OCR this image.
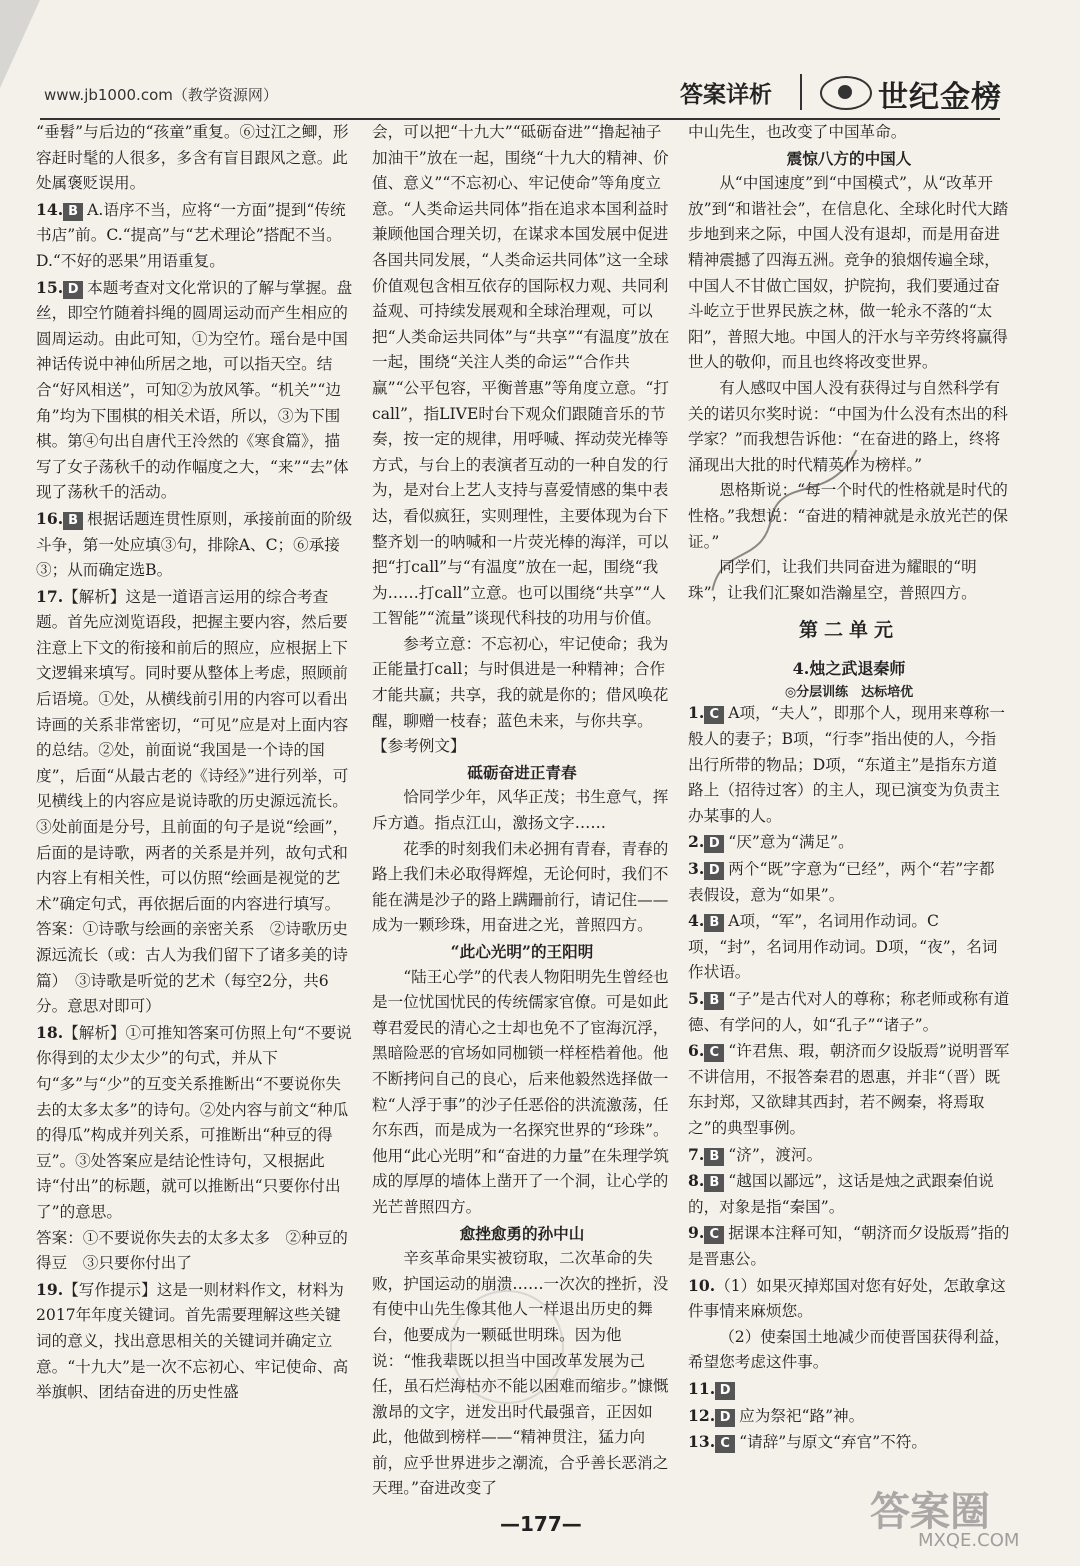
www.jb1000.com（教学资源网）	答案详析	世纪金榜

“垂髫”与后边的“孩童”重复。⑥过江之鲫，形容赶时髦的人很多，多含有盲目跟风之意。此处属褒贬误用。

14. B A.语序不当，应将“一方面”提到“传统书店”前。C.“提高”与“艺术理论”搭配不当。D.“不好的恶果”用语重复。

15. D 本题考查对文化常识的了解与掌握。盘丝，即空竹随着抖绳的圆周运动而产生相应的圆周运动。由此可知，①为空竹。瑶台是中国神话传说中神仙所居之地，可以指天空。结合“好风相送”，可知②为放风筝。“机关”“边角”均为下围棋的相关术语，所以，③为下围棋。第④句出自唐代王泠然的《寒食篇》，描写了女子荡秋千的动作幅度之大，“来”“去”体现了荡秋千的活动。

16. B 根据话题连贯性原则，承接前面的阶级斗争，第一处应填③句，排除A、C；⑥承接③；从而确定选B。

17.【解析】这是一道语言运用的综合考查题。首先应浏览语段，把握主要内容，然后要注意上下文的衔接和前后的照应，应根据上下文逻辑来填写。同时要从整体上考虑，照顾前后语境。①处，从横线前引用的内容可以看出诗画的关系非常密切，“可见”应是对上面内容的总结。②处，前面说“我国是一个诗的国度”，后面“从最古老的《诗经》”进行列举，可见横线上的内容应是说诗歌的历史源远流长。③处前面是分号，且前面的句子是说“绘画”，后面的是诗歌，两者的关系是并列，故句式和内容上有相关性，可以仿照“绘画是视觉的艺术”确定句式，再依据后面的内容进行填写。

答案：①诗歌与绘画的亲密关系　②诗歌历史源远流长（或：古人为我们留下了诸多美的诗篇）　③诗歌是听觉的艺术（每空2分，共6分。意思对即可）

18.【解析】①可推知答案可仿照上句“不要说你得到的太少太少”的句式，并从下句“多”与“少”的互变关系推断出“不要说你失去的太多太多”的诗句。②处内容与前文“种瓜的得瓜”构成并列关系，可推断出“种豆的得豆”。③处答案应是结论性诗句，又根据此诗“付出”的标题，就可以推断出“只要你付出了”的意思。

答案：①不要说你失去的太多太多　②种豆的得豆　③只要你付出了

19.【写作提示】这是一则材料作文，材料为2017年年度关键词。首先需要理解这些关键词的意义，找出意思相关的关键词并确定立意。“十九大”是一次不忘初心、牢记使命、高举旗帜、团结奋进的历史性盛

会，可以把“十九大”“砥砺奋进”“撸起袖子加油干”放在一起，围绕“十九大的精神、价值、意义”“不忘初心、牢记使命”等角度立意。“人类命运共同体”指在追求本国利益时兼顾他国合理关切，在谋求本国发展中促进各国共同发展，“人类命运共同体”这一全球价值观包含相互依存的国际权力观、共同利益观、可持续发展观和全球治理观，可以把“人类命运共同体”与“共享”“有温度”放在一起，围绕“关注人类的命运”“合作共赢”“公平包容，平衡普惠”等角度立意。“打call”，指LIVE时台下观众们跟随音乐的节奏，按一定的规律，用呼喊、挥动荧光棒等方式，与台上的表演者互动的一种自发的行为，是对台上艺人支持与喜爱情感的集中表达，看似疯狂，实则理性，主要体现为台下整齐划一的呐喊和一片荧光棒的海洋，可以把“打call”与“有温度”放在一起，围绕“我为……打call”立意。也可以围绕“共享”“人工智能”“流量”谈现代科技的功用与价值。

参考立意：不忘初心，牢记使命；我为正能量打call；与时俱进是一种精神；合作才能共赢；共享，我的就是你的；借风唤花醒，聊赠一枝春；蓝色未来，与你共享。

【参考例文】

砥砺奋进正青春

恰同学少年，风华正茂；书生意气，挥斥方遒。指点江山，激扬文字……

花季的时刻我们未必拥有青春，青春的路上我们未必取得辉煌，无论何时，我们不能在满是沙子的路上蹒跚前行，请记住——成为一颗珍珠，用奋进之光，普照四方。

“此心光明”的王阳明

“陆王心学”的代表人物阳明先生曾经也是一位忧国忧民的传统儒家官僚。可是如此尊君爱民的清心之士却也免不了宦海沉浮，黑暗险恶的官场如同枷锁一样桎梏着他。他不断拷问自己的良心，后来他毅然选择做一粒“人浮于事”的沙子任恶俗的洪流激荡，任尔东西，而是成为一名探究世界的“珍珠”。他用“此心光明”和“奋进的力量”在朱理学筑成的厚厚的墙体上凿开了一个洞，让心学的光芒普照四方。

愈挫愈勇的孙中山

辛亥革命果实被窃取，二次革命的失败，护国运动的崩溃……一次次的挫折，没有使中山先生像其他人一样退出历史的舞台，他要成为一颗砥世明珠。因为他说：“惟我辈既以担当中国改革发展为己任，虽石烂海枯亦不能以困难而缩步。”慷慨激昂的文字，迸发出时代最强音，正因如此，他做到榜样——“精神贯注，猛力向前，应乎世界进步之潮流，合乎善长恶消之天理。”奋进改变了

中山先生，也改变了中国革命。

震惊八方的中国人

从“中国速度”到“中国模式”，从“改革开放”到“和谐社会”，在信息化、全球化时代大踏步地到来之际，中国人没有退却，而是用奋进精神震撼了四海五洲。竞争的狼烟传遍全球，中国人不甘做亡国奴，护院拘，我们要通过奋斗屹立于世界民族之林，做一轮永不落的“太阳”，普照大地。中国人的汗水与辛劳终将赢得世人的敬仰，而且也终将改变世界。

有人感叹中国人没有获得过与自然科学有关的诺贝尔奖时说：“中国为什么没有杰出的科学家？”而我想告诉他：“在奋进的路上，终将涌现出大批的时代精英作为榜样。”

恩格斯说：“每一个时代的性格就是时代的性格。”我想说：“奋进的精神就是永放光芒的保证。”

同学们，让我们共同奋进为耀眼的“明珠”，让我们汇聚如浩瀚星空，普照四方。

第二单元

4.烛之武退秦师

◎分层训练　达标培优

1. C A项，“夫人”，即那个人，现用来尊称一般人的妻子；B项，“行李”指出使的人，今指出行所带的物品；D项，“东道主”是指东方道路上（招待过客）的主人，现已演变为负责主办某事的人。

2. D “厌”意为“满足”。

3. D 两个“既”字意为“已经”，两个“若”字都表假设，意为“如果”。

4. B A项，“军”，名词用作动词。C项，“封”，名词用作动词。D项，“夜”，名词作状语。

5. B “子”是古代对人的尊称；称老师或称有道德、有学问的人，如“孔子”“诸子”。

6. C “许君焦、瑕，朝济而夕设版焉”说明晋军不讲信用，不报答秦君的恩惠，并非“（晋）既东封郑，又欲肆其西封，若不阙秦，将焉取之”的典型事例。

7. B “济”，渡河。

8. B “越国以鄙远”，这话是烛之武跟秦伯说的，对象是指“秦国”。

9. C 据课本注释可知，“朝济而夕设版焉”指的是晋惠公。

10.（1）如果灭掉郑国对您有好处，怎敢拿这件事情来麻烦您。

（2）使秦国土地减少而使晋国获得利益，希望您考虑这件事。

11. D

12. D 应为祭祀“路”神。

13. C “请辞”与原文“弃官”不符。

—177—	答案圈
MXQE.COM
